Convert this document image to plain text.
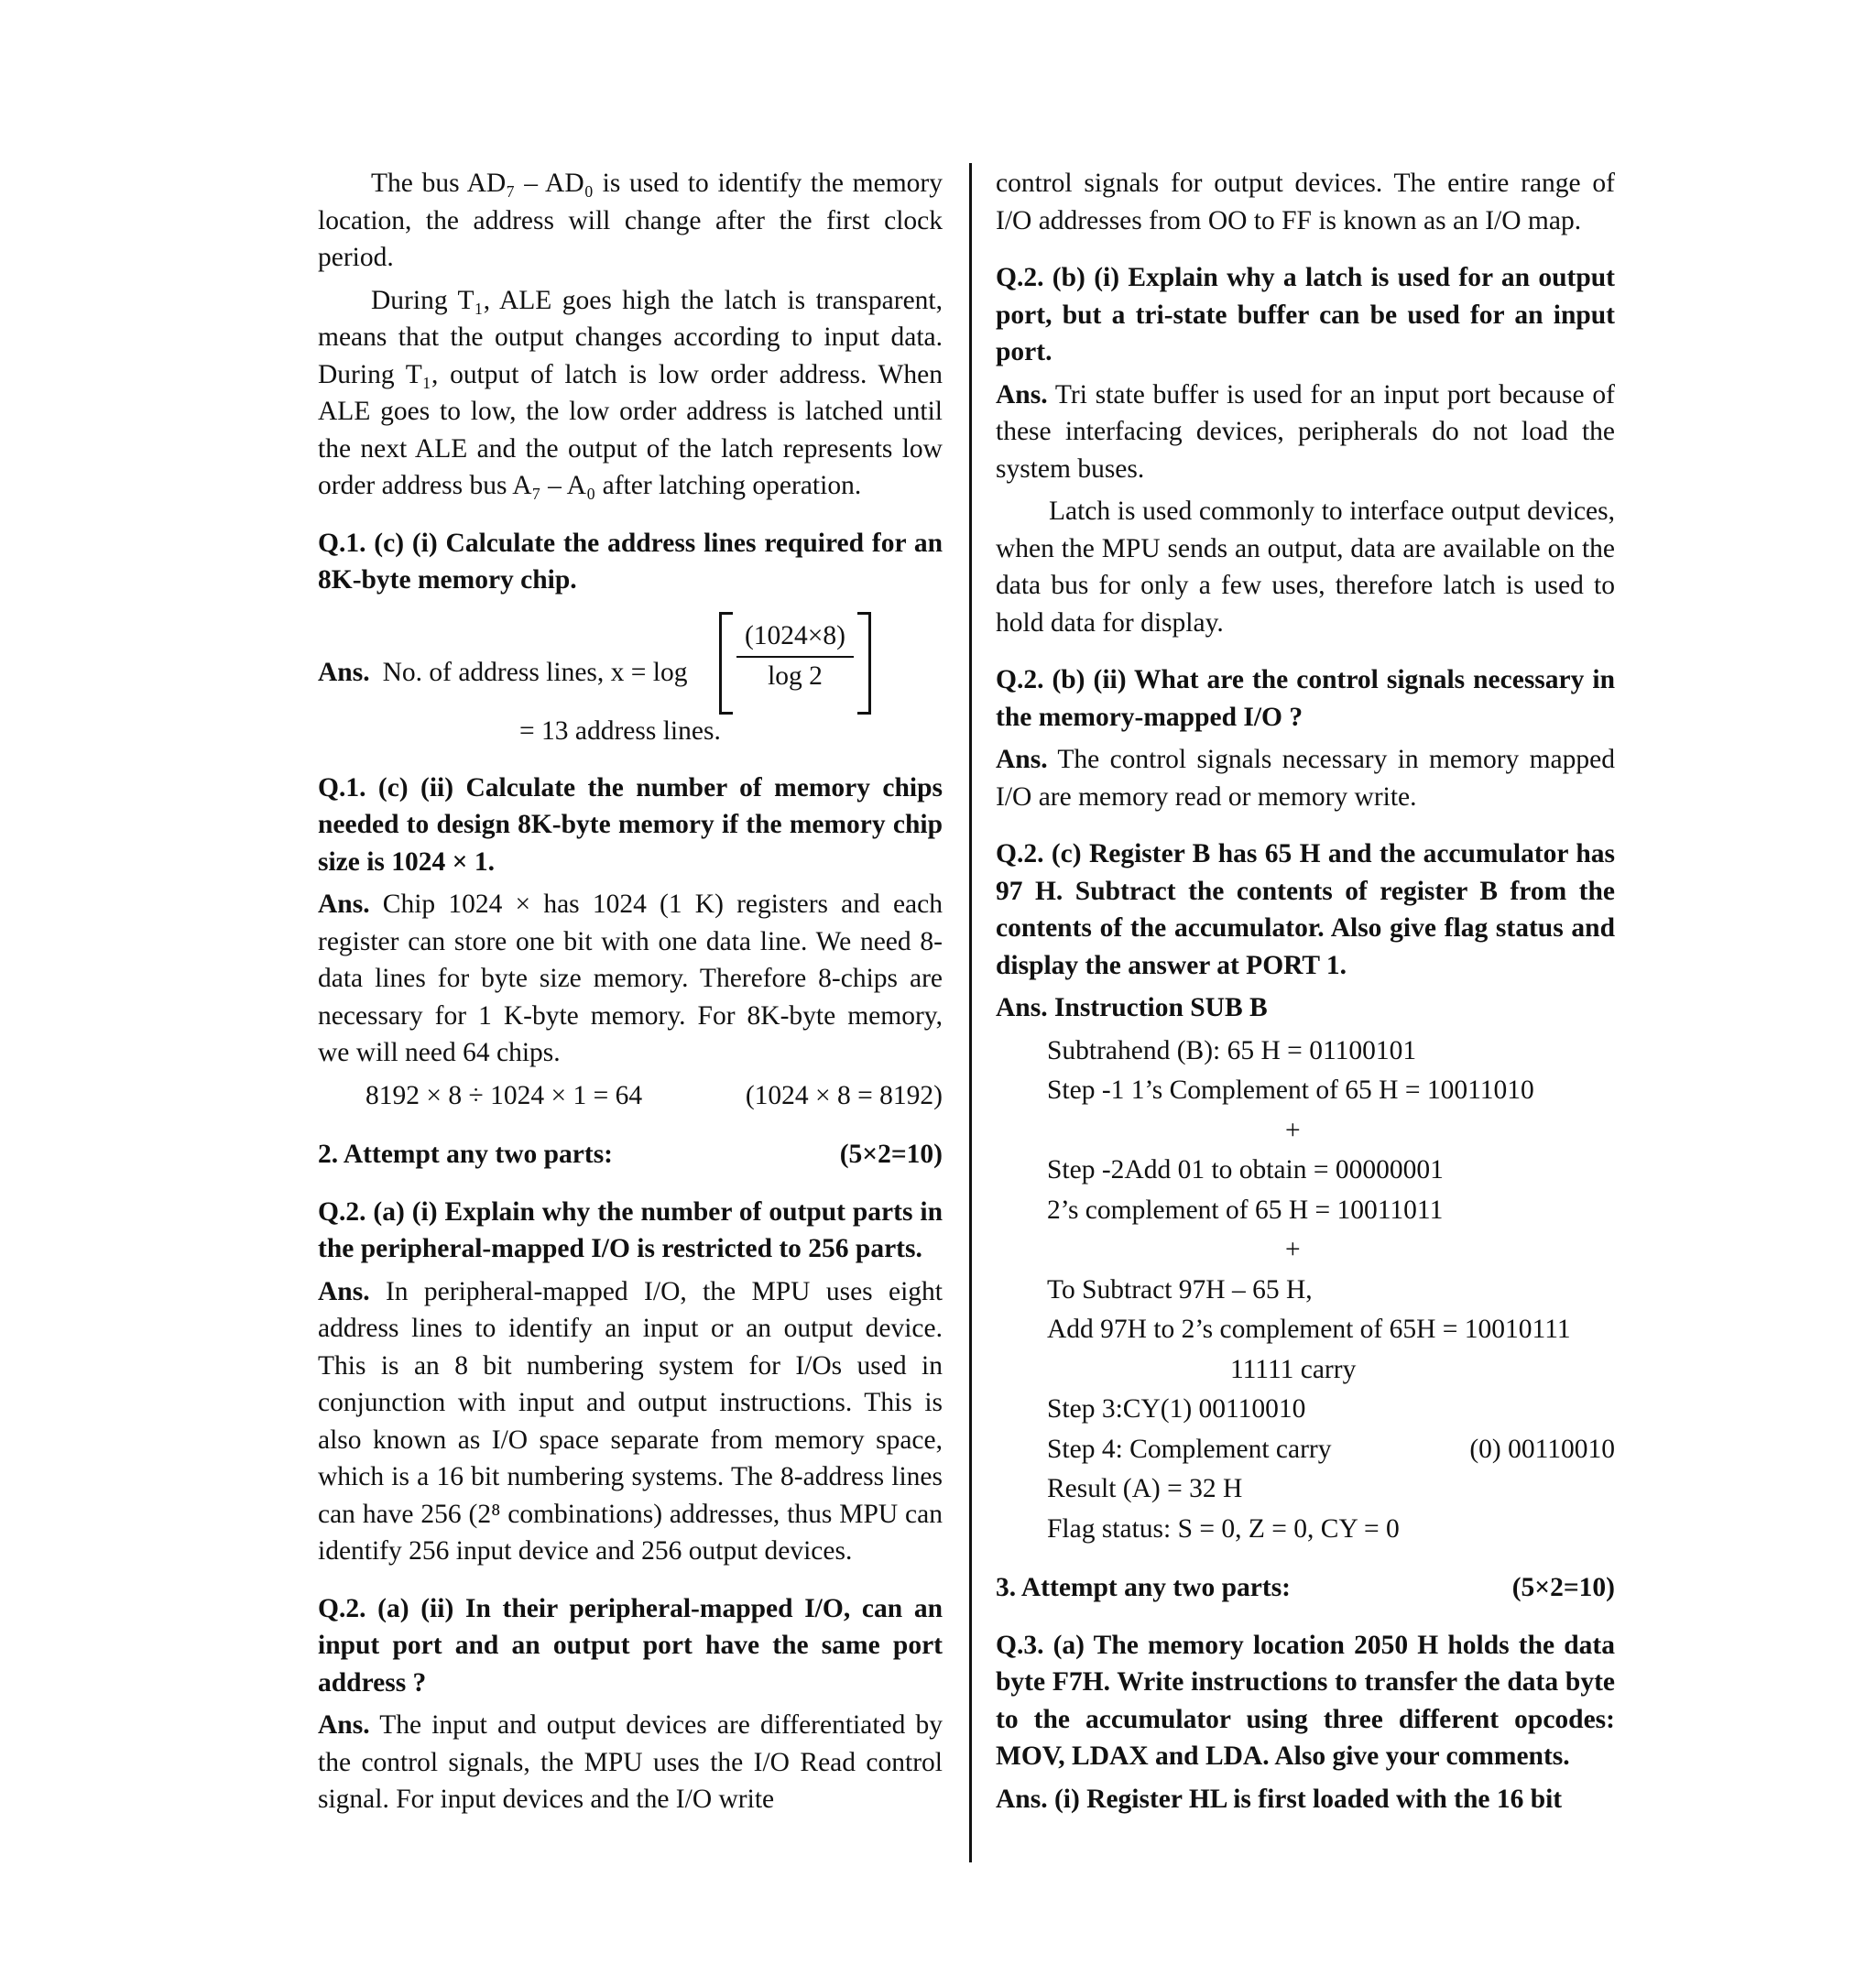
The bus AD₇ – AD₀ is used to identify the memory location, the address will change after the first clock period.

During T₁, ALE goes high the latch is transparent, means that the output changes according to input data. During T₁, output of latch is low order address. When ALE goes to low, the low order address is latched until the next ALE and the output of the latch represents low order address bus A₇ – A₀ after latching operation.

Q.1. (c) (i) Calculate the address lines required for an 8K-byte memory chip.

Ans. No. of address lines, $x = \log \frac{(1024\times 8)}{\log 2}$
= 13 address lines.

Q.1. (c) (ii) Calculate the number of memory chips needed to design 8K-byte memory if the memory chip size is 1024 × 1.

Ans. Chip 1024 × has 1024 (1 K) registers and each register can store one bit with one data line. We need 8-data lines for byte size memory. Therefore 8-chips are necessary for 1 K-byte memory. For 8K-byte memory, we will need 64 chips.

8192 × 8 ÷ 1024 × 1 = 64	(1024 × 8 = 8192)
2. Attempt any two parts:	(5×2=10)

Q.2. (a) (i) Explain why the number of output parts in the peripheral-mapped I/O is restricted to 256 parts.

Ans. In peripheral-mapped I/O, the MPU uses eight address lines to identify an input or an output device. This is an 8 bit numbering system for I/Os used in conjunction with input and output instructions. This is also known as I/O space separate from memory space, which is a 16 bit numbering systems. The 8-address lines can have 256 (2⁸ combinations) addresses, thus MPU can identify 256 input device and 256 output devices.

Q.2. (a) (ii) In their peripheral-mapped I/O, can an input port and an output port have the same port address ?

Ans. The input and output devices are differentiated by the control signals, the MPU uses the I/O Read control signal. For input devices and the I/O write

control signals for output devices. The entire range of I/O addresses from OO to FF is known as an I/O map.

Q.2. (b) (i) Explain why a latch is used for an output port, but a tri-state buffer can be used for an input port.

Ans. Tri state buffer is used for an input port because of these interfacing devices, peripherals do not load the system buses.

Latch is used commonly to interface output devices, when the MPU sends an output, data are available on the data bus for only a few uses, therefore latch is used to hold data for display.

Q.2. (b) (ii) What are the control signals necessary in the memory-mapped I/O ?

Ans. The control signals necessary in memory mapped I/O are memory read or memory write.

Q.2. (c) Register B has 65 H and the accumulator has 97 H. Subtract the contents of register B from the contents of the accumulator. Also give flag status and display the answer at PORT 1.

Ans. Instruction SUB B

Subtrahend (B): 65 H = 01100101
Step -1 1’s Complement of 65 H = 10011010
+
Step -2Add 01 to obtain = 00000001
2’s complement of 65 H = 10011011
+
To Subtract 97H – 65 H,
Add 97H to 2’s complement of 65H = 10010111
11111 carry
Step 3:CY(1) 00110010
Step 4: Complement carry	(0) 00110010
Result (A) = 32 H
Flag status: S = 0, Z = 0, CY = 0
3. Attempt any two parts:	(5×2=10)

Q.3. (a) The memory location 2050 H holds the data byte F7H. Write instructions to transfer the data byte to the accumulator using three different opcodes: MOV, LDAX and LDA. Also give your comments.

Ans. (i) Register HL is first loaded with the 16 bit
